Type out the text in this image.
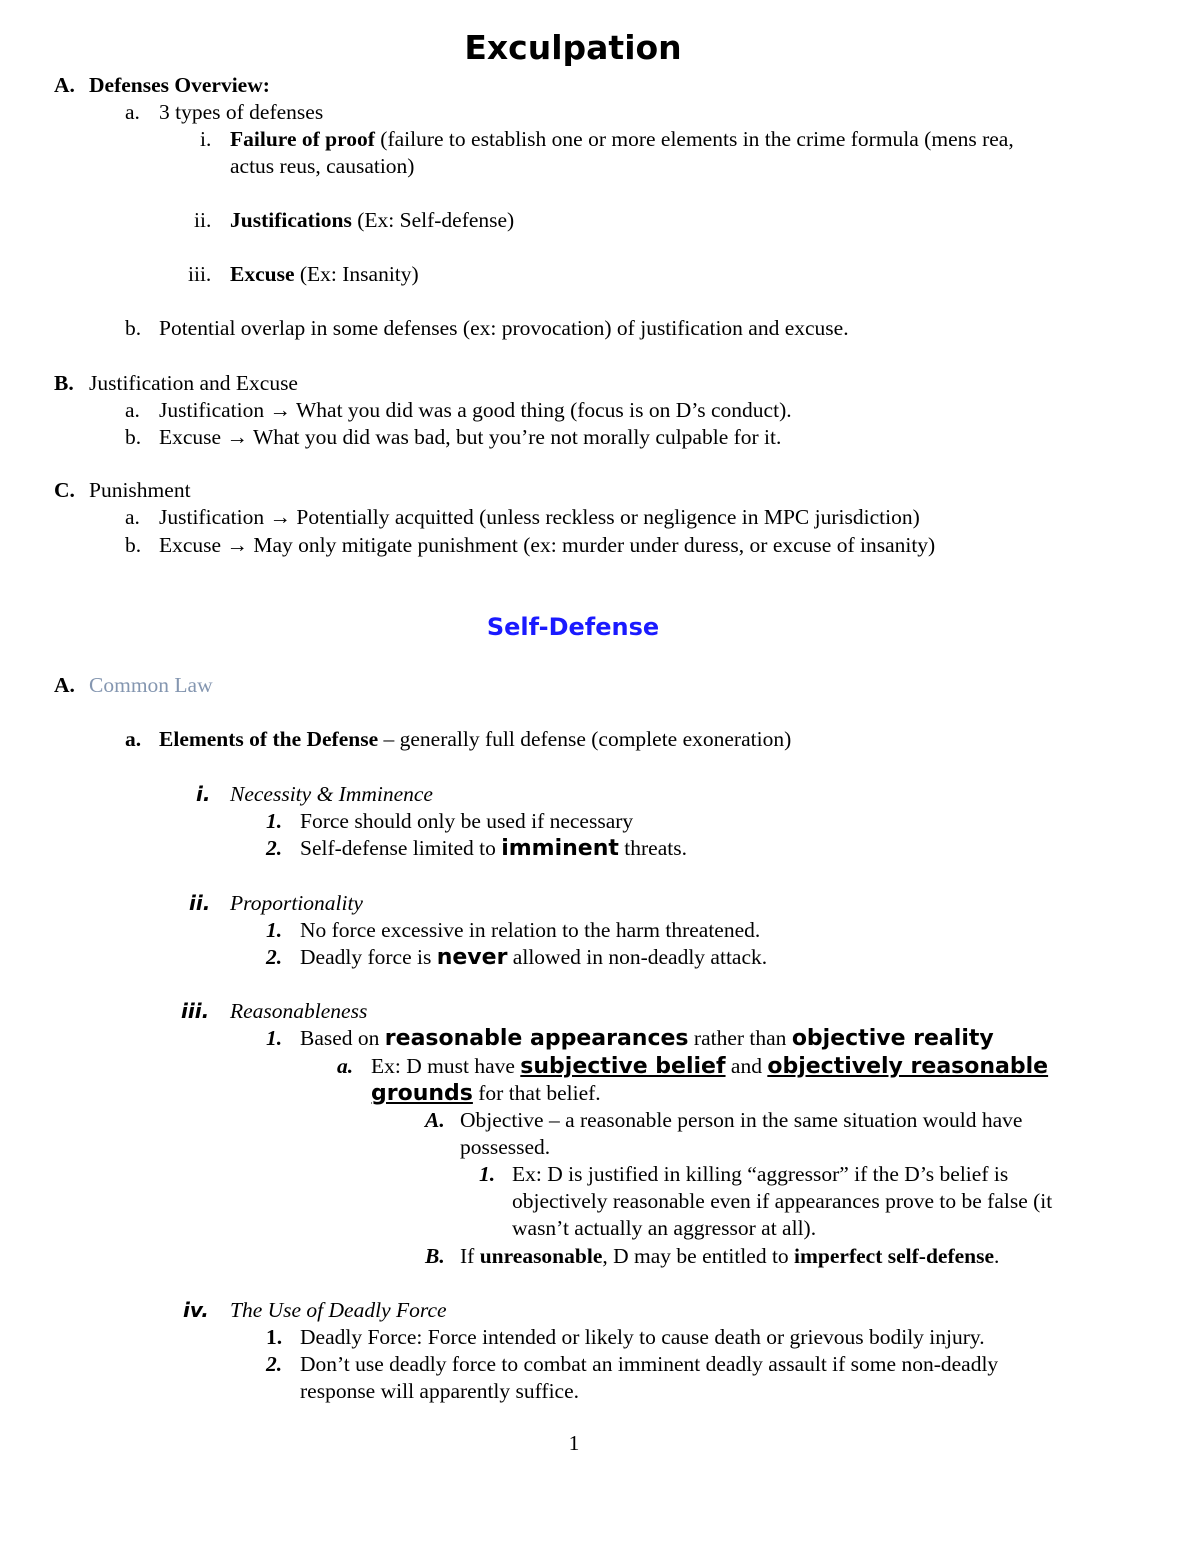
Exculpation
A. Defenses Overview:
a. 3 types of defenses
i. Failure of proof (failure to establish one or more elements in the crime formula (mens rea,
actus reus, causation)
ii. Justifications (Ex: Self-defense)
iii. Excuse (Ex: Insanity)
b. Potential overlap in some defenses (ex: provocation) of justification and excuse.
B. Justification and Excuse
a. Justification → What you did was a good thing (focus is on D’s conduct).
b. Excuse → What you did was bad, but you’re not morally culpable for it.
C. Punishment
a. Justification → Potentially acquitted (unless reckless or negligence in MPC jurisdiction)
b. Excuse → May only mitigate punishment (ex: murder under duress, or excuse of insanity)
Self-Defense
A. Common Law
a. Elements of the Defense – generally full defense (complete exoneration)
i. Necessity & Imminence
1. Force should only be used if necessary
2. Self-defense limited to imminent threats.
ii. Proportionality
1. No force excessive in relation to the harm threatened.
2. Deadly force is never allowed in non-deadly attack.
iii. Reasonableness
1. Based on reasonable appearances rather than objective reality
a. Ex: D must have subjective belief and objectively reasonable
grounds for that belief.
A. Objective – a reasonable person in the same situation would have
possessed.
1. Ex: D is justified in killing “aggressor” if the D’s belief is
objectively reasonable even if appearances prove to be false (it
wasn’t actually an aggressor at all).
B. If unreasonable, D may be entitled to imperfect self-defense.
iv. The Use of Deadly Force
1. Deadly Force: Force intended or likely to cause death or grievous bodily injury.
2. Don’t use deadly force to combat an imminent deadly assault if some non-deadly
response will apparently suffice.
1
